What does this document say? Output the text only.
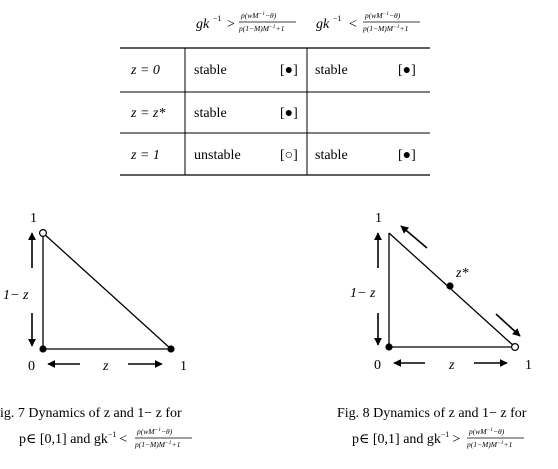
gk −1 >
$p(wM^{-1}-\theta)$
$p(1-M)M^{-1}+1$ gk −1 <
$p(wM^{-1}-\theta)$
$p(1-M)M^{-1}+1$
z = 0 stable	[●] stable	[●]
z = z* stable	[●]
z = 1 unstable	[○] stable	[●]
1
1− z
0	z	1
ig. 7 Dynamics of z and 1− z for
p∈ [0,1] and $gk^{-1}$ <
$p(wM^{-1}-\theta)$
$p(1-M)M^{-1}+1$
1
1− z
0	z	1
z*
Fig. 8 Dynamics of z and 1− z for
p∈ [0,1] and $gk^{-1}$ >
$p(wM^{-1}-\theta)$
$p(1-M)M^{-1}+1$
